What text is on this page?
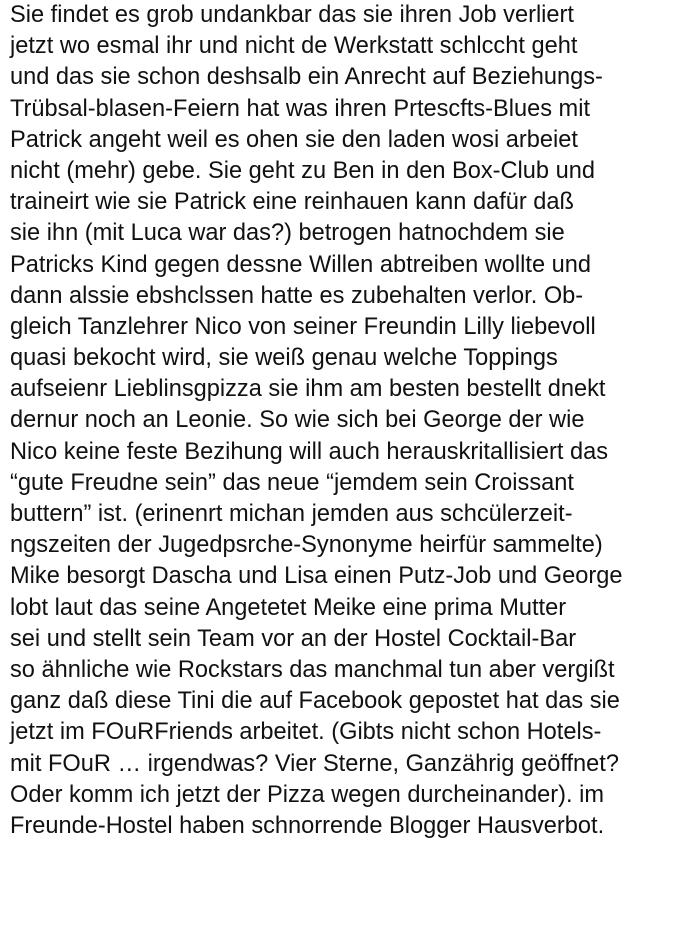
Sie findet es grob undankbar das sie ihren Job verliert
jetzt wo esmal ihr und nicht de Werkstatt schlccht geht
und das sie schon deshsalb ein Anrecht auf Beziehungs-
Trübsal-blasen-Feiern hat was ihren Prtescfts-Blues mit
Patrick angeht weil es ohen sie den laden wosi arbeiet
nicht (mehr) gebe. Sie geht zu Ben in den Box-Club und
traineirt wie sie Patrick eine reinhauen kann dafür daß
sie ihn (mit Luca war das?) betrogen hatnochdem sie
Patricks Kind gegen dessne Willen abtreiben wollte und
dann alssie ebshclssen hatte es zubehalten verlor. Ob-
gleich Tanzlehrer Nico von seiner Freundin Lilly liebevoll
quasi bekocht wird, sie weiß genau welche Toppings
aufseienr Lieblinsgpizza sie ihm am besten bestellt dnekt
dernur noch an Leonie. So wie sich bei George der wie
Nico keine feste Bezihung will auch herauskritallisiert das
“gute Freudne sein” das neue “jemdem sein Croissant
buttern” ist. (erinenrt michan jemden aus schcülerzeit-
ngszeiten der Jugedpsrche-Synonyme heirfür sammelte)
Mike besorgt Dascha und Lisa einen Putz-Job und George
lobt laut das seine Angetetet Meike eine prima Mutter
sei und stellt sein Team vor an der Hostel Cocktail-Bar
so ähnliche wie Rockstars das manchmal tun aber vergißt
ganz daß diese Tini die auf Facebook gepostet hat das sie
jetzt im FOuRFriends arbeitet. (Gibts nicht schon Hotels-
mit FOuR … irgendwas? Vier Sterne, Ganzährig geöffnet?
Oder komm ich jetzt der Pizza wegen durcheinander). im
Freunde-Hostel haben schnorrende Blogger Hausverbot.
